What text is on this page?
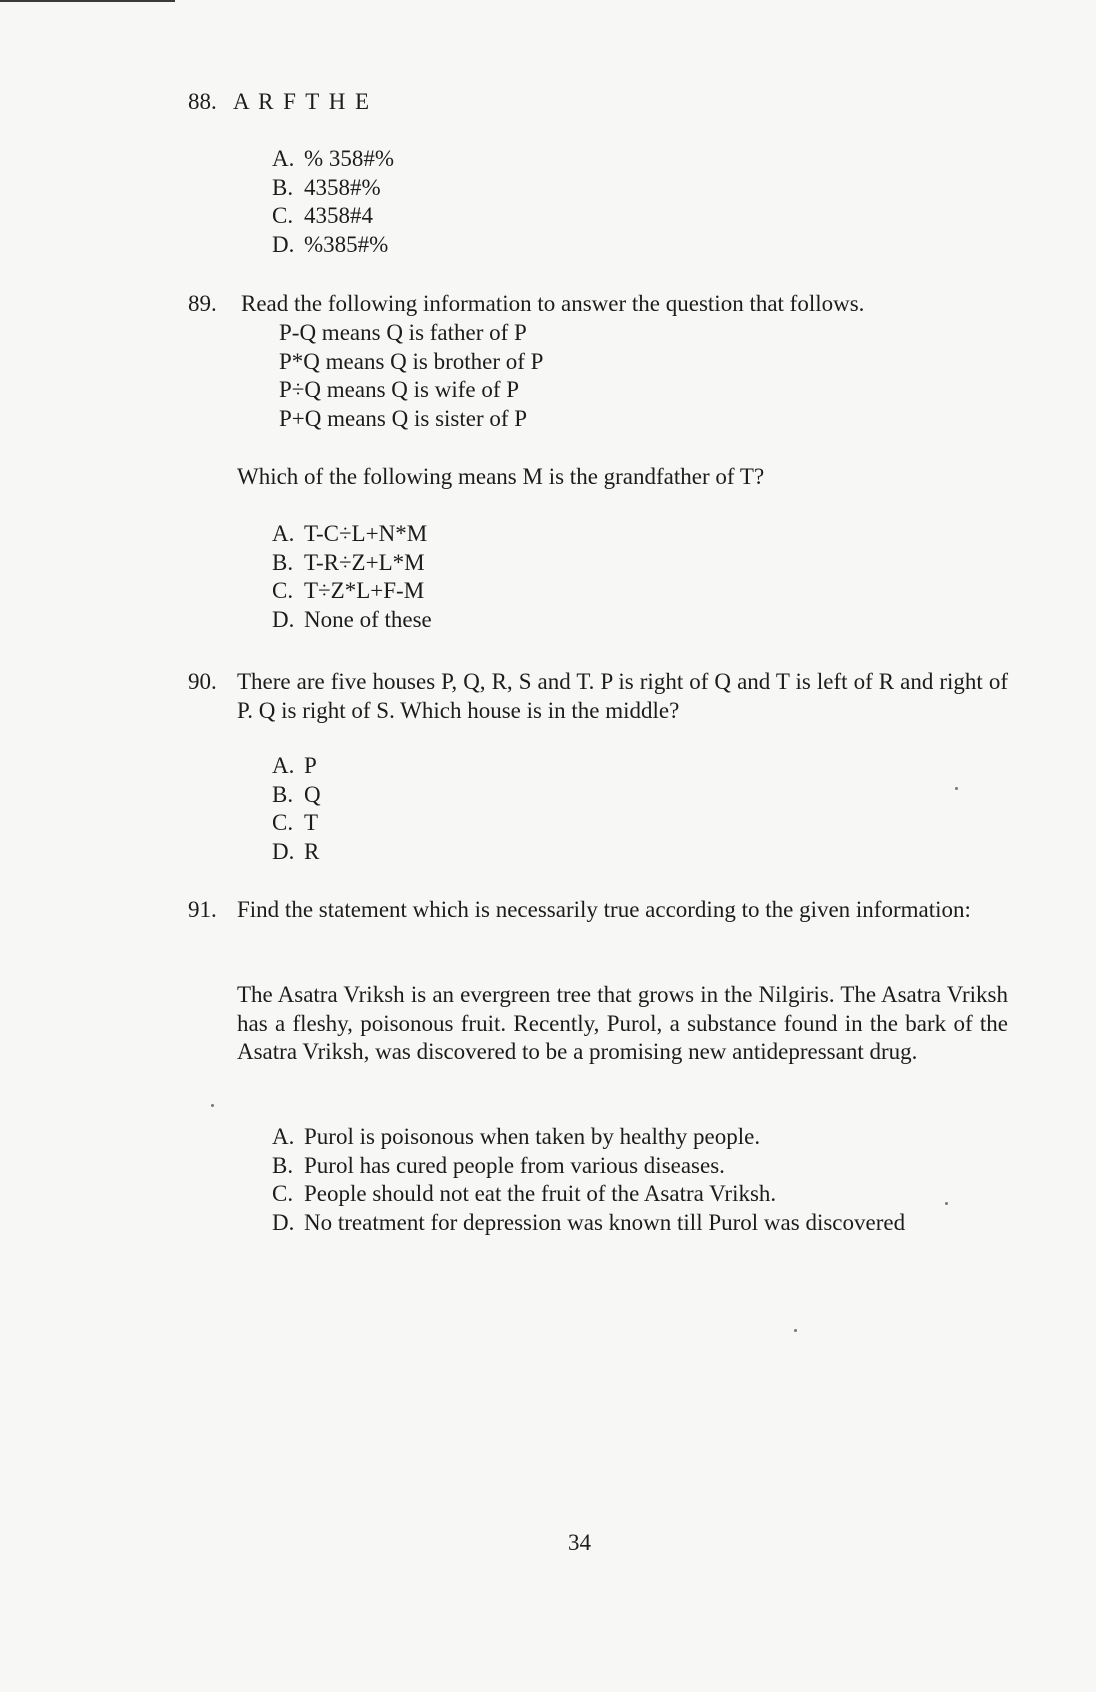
88. A R F T H E
A. % 358#%
B. 4358#%
C. 4358#4
D. %385#%
89. Read the following information to answer the question that follows.
P-Q means Q is father of P
P*Q means Q is brother of P
P÷Q means Q is wife of P
P+Q means Q is sister of P
Which of the following means M is the grandfather of T?
A. T-C÷L+N*M
B. T-R÷Z+L*M
C. T÷Z*L+F-M
D. None of these
90. There are five houses P, Q, R, S and T. P is right of Q and T is left of R and right of P. Q is right of S. Which house is in the middle?
A. P
B. Q
C. T
D. R
91. Find the statement which is necessarily true according to the given information:
The Asatra Vriksh is an evergreen tree that grows in the Nilgiris. The Asatra Vriksh has a fleshy, poisonous fruit. Recently, Purol, a substance found in the bark of the Asatra Vriksh, was discovered to be a promising new antidepressant drug.
A. Purol is poisonous when taken by healthy people.
B. Purol has cured people from various diseases.
C. People should not eat the fruit of the Asatra Vriksh.
D. No treatment for depression was known till Purol was discovered
34
